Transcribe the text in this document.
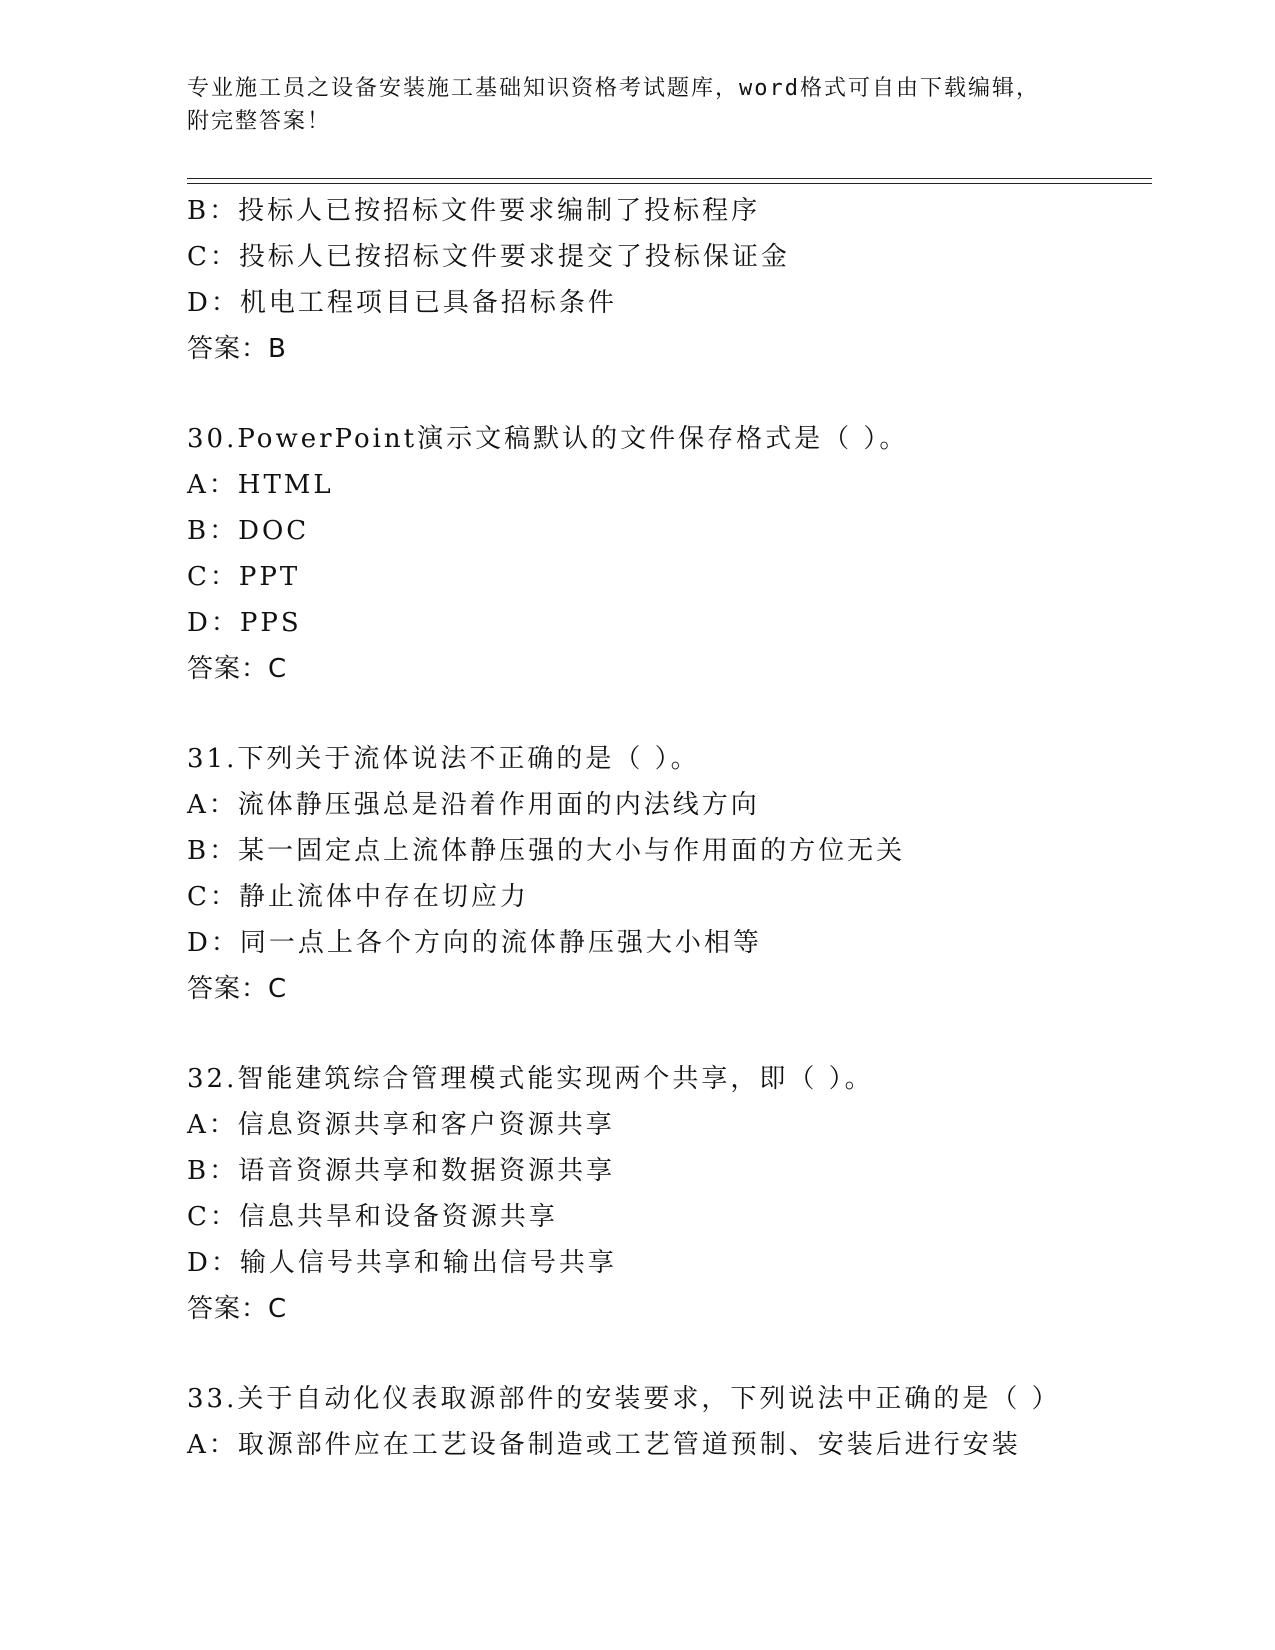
专业施工员之设备安装施工基础知识资格考试题库，word格式可自由下载编辑，
附完整答案！
B：投标人已按招标文件要求编制了投标程序
C：投标人已按招标文件要求提交了投标保证金
D：机电工程项目已具备招标条件
答案：B
30.PowerPoint演示文稿默认的文件保存格式是（ ）。
A：HTML
B：DOC
C：PPT
D：PPS
答案：C
31.下列关于流体说法不正确的是（ ）。
A：流体静压强总是沿着作用面的内法线方向
B：某一固定点上流体静压强的大小与作用面的方位无关
C：静止流体中存在切应力
D：同一点上各个方向的流体静压强大小相等
答案：C
32.智能建筑综合管理模式能实现两个共享，即（ ）。
A：信息资源共享和客户资源共享
B：语音资源共享和数据资源共享
C：信息共旱和设备资源共享
D：输人信号共享和输出信号共享
答案：C
33.关于自动化仪表取源部件的安装要求，下列说法中正确的是（ ）
A：取源部件应在工艺设备制造或工艺管道预制、安装后进行安装
